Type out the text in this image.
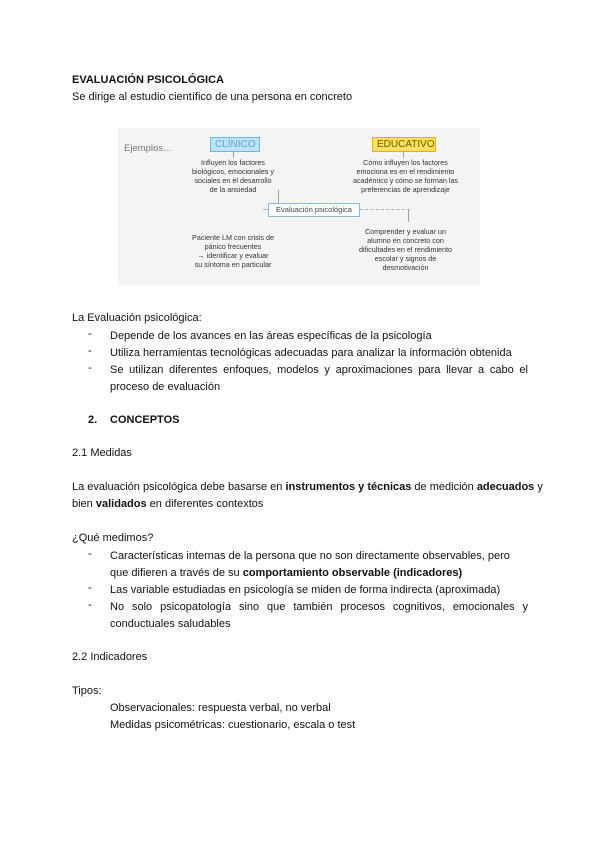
EVALUACIÓN PSICOLÓGICA
Se dirige al estudio científico de una persona en concreto
Ejemplos...	CLÍNICO	EDUCATIVO
Influyen los factores
biológicos, emocionales y
sociales en el desarrollo
de la ansiedad
Paciente LM con crisis de
pánico frecuentes
→ identificar y evaluar
su síntoma en particular
Evaluación psicológica
Cómo influyen los factores
emociona es en el rendimiento
académico y cómo se forman las
preferencias de aprendizaje
Comprender y evaluar un
alumno en concreto con
dificultades en el rendimiento
escolar y signos de
desmotivación
La Evaluación psicológica:
- Depende de los avances en las áreas específicas de la psicología
- Utiliza herramientas tecnológicas adecuadas para analizar la información obtenida
- Se utilizan diferentes enfoques, modelos y aproximaciones para llevar a cabo el proceso de evaluación
2. CONCEPTOS
2.1 Medidas
La evaluación psicológica debe basarse en instrumentos y técnicas de medición adecuados y
bien validados en diferentes contextos
¿Qué medimos?
- Características internas de la persona que no son directamente observables, pero
que difieren a través de su comportamiento observable (indicadores)
- Las variable estudiadas en psicología se miden de forma indirecta (aproximada)
- No solo psicopatología sino que también procesos cognitivos, emocionales y conductuales saludables
2.2 Indicadores
Tipos:
Observacionales: respuesta verbal, no verbal
Medidas psicométricas: cuestionario, escala o test
